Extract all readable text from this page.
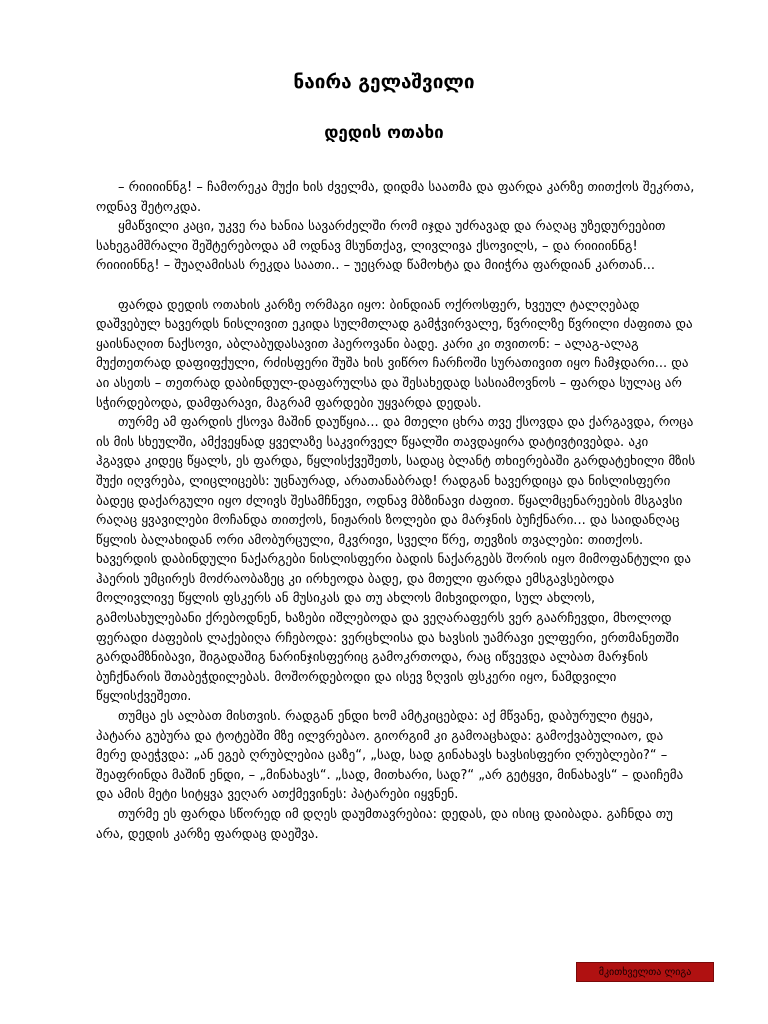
ნაირა გელაშვილი
დედის ოთახი

– რიიიინნგ! – ჩამორეკა მუქი ხის ძველმა, დიდმა საათმა და ფარდა კარზე თითქოს შეკრთა, ოდნავ შეტოკდა.

ყმაწვილი კაცი, უკვე რა ხანია სავარძელში რომ იჯდა უძრავად და რაღაც უზედურეებით სახეგამშრალი შეშტერებოდა ამ ოდნავ მსუნთქავ, ლივლივა ქსოვილს, – და რიიიინნგ! რიიიინნგ! – შუაღამისას რეკდა საათი.. – უეცრად წამოხტა და მიიჭრა ფარდიან კართან...

ფარდა დედის ოთახის კარზე ორმაგი იყო: ბინდიან ოქროსფერ, ხვეულ ტალღებად დაშვებულ ხავერდს ნისლივით ეკიდა სულმთლად გამჭვირვალე, წვრილზე წვრილი ძაფითა და ყაისნაღით ნაქსოვი, აბლაბუდასავით ჰაეროვანი ბადე. კარი კი თვითონ: – ალაგ-ალაგ მუქთეთრად დაფიფქული, რძისფერი შუშა ხის ვიწრო ჩარჩოში სურათივით იყო ჩამჯდარი... და აი ასეთს – თეთრად დაბინდულ-დაფარულსა და შესახედად სასიამოვნოს – ფარდა სულაც არ სჭირდებოდა, დამფარავი, მაგრამ ფარდები უყვარდა დედას.

თურმე ამ ფარდის ქსოვა მაშინ დაუწყია... და მთელი ცხრა თვე ქსოვდა და ქარგავდა, როცა ის მის სხეულში, ამქვეყნად ყველაზე საკვირველ წყალში თავდაყირა დატივტივებდა. აკი ჰგავდა კიდეც წყალს, ეს ფარდა, წყლისქვეშეთს, სადაც ბლანტ თხიერებაში გარდატეხილი მზის შუქი იღვრება, ლიცლიცებს: უცნაურად, არათანაბრად! რადგან ხავერდიცა და ნისლისფერი ბადეც დაქარგული იყო ძლივს შესამჩნევი, ოდნავ მბზინავი ძაფით. წყალმცენარეების მსგავსი რაღაც ყვავილები მოჩანდა თითქოს, ნიჟარის ზოლები და მარჯნის ბუჩქნარი... და საიდანღაც წყლის ბალახიდან ორი ამობურცული, მკვრივი, სველი წრე, თევზის თვალები: თითქოს. ხავერდის დაბინდული ნაქარგები ნისლისფერი ბადის ნაქარგებს შორის იყო მიმოფანტული და ჰაერის უმცირეს მოძრაობაზეც კი ირხეოდა ბადე, და მთელი ფარდა ემსგავსებოდა მოლივლივე წყლის ფსკერს ან მუსიკას და თუ ახლოს მიხვიდოდი, სულ ახლოს, გამოსახულებანი ქრებოდნენ, ხაზები იშლებოდა და ვეღარაფერს ვერ გაარჩევდი, მხოლოდ ფერადი ძაფების ლაქებიღა რჩებოდა: ვერცხლისა და ხავსის უამრავი ელფერი, ერთმანეთში გარდამზნიბავი, შიგადაშიგ ნარინჯისფერიც გამოკრთოდა, რაც იწვევდა ალბათ მარჯნის ბუჩქნარის შთაბეჭდილებას. მოშორდებოდი და ისევ ზღვის ფსკერი იყო, ნამდვილი წყლისქვეშეთი.

თუმცა ეს ალბათ მისთვის. რადგან ენდი ხომ ამტკიცებდა: აქ მწვანე, დაბურული ტყეა, პატარა გუბურა და ტოტებში მზე ილვრებაო. გიორგიმ კი გამოაცხადა: გამოქვაბულიაო, და მერე დაეჭვდა: „ან ეგებ ღრუბლებია ცაზე“, „სად, სად გინახავს ხავსისფერი ღრუბლები?“ – შეაფრინდა მაშინ ენდი, – „მინახავს“. „სად, მითხარი, სად?“ „არ გეტყვი, მინახავს“ – დაიჩემა და ამის მეტი სიტყვა ვეღარ ათქმევინეს: პატარები იყვნენ.

თურმე ეს ფარდა სწორედ იმ დღეს დაუმთავრებია: დედას, და ისიც დაიბადა. გაჩნდა თუ არა, დედის კარზე ფარდაც დაეშვა.

მკითხველთა ლიგა
